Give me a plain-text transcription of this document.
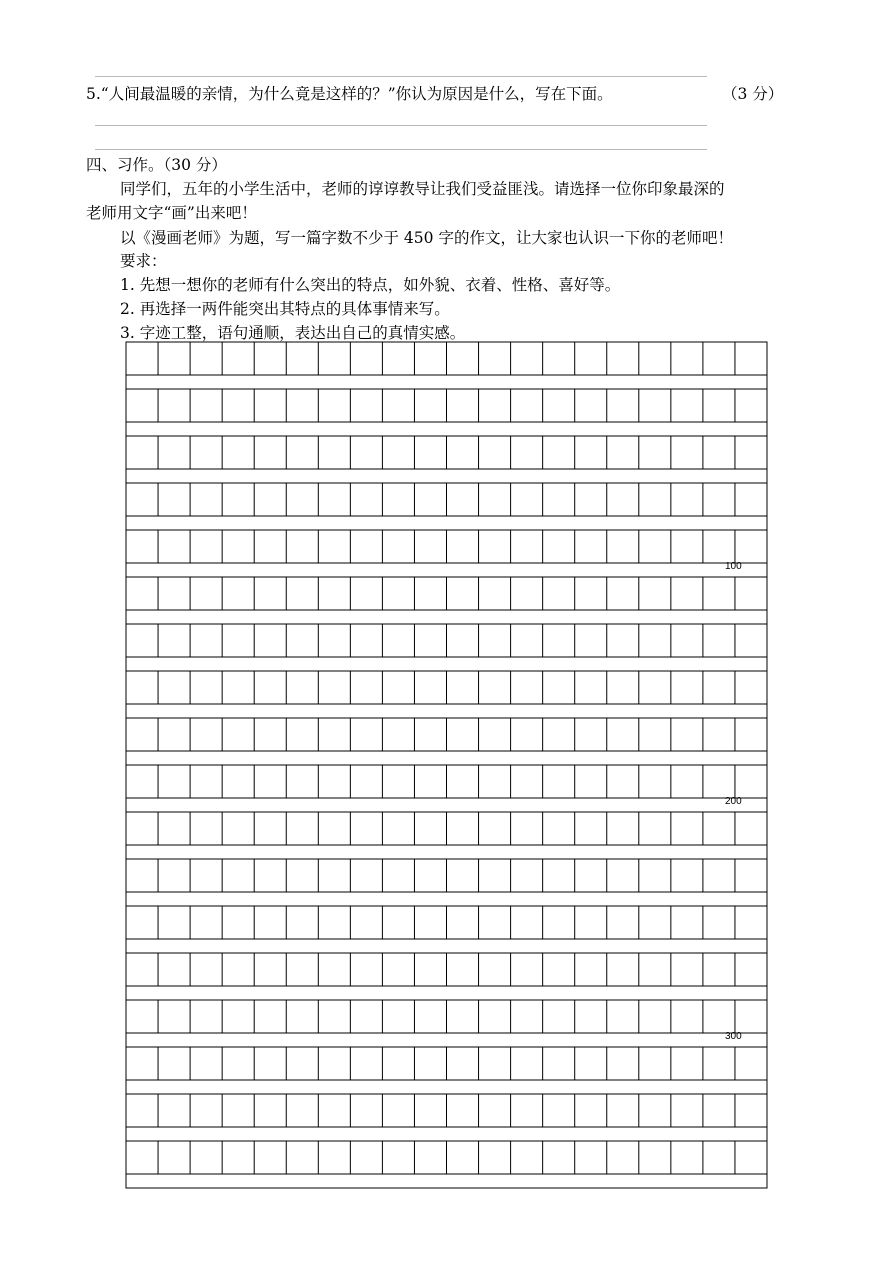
5.“人间最温暖的亲情，为什么竟是这样的？”你认为原因是什么，写在下面。	（3 分）
四、习作。（30 分）
同学们，五年的小学生活中，老师的谆谆教导让我们受益匪浅。请选择一位你印象最深的
老师用文字“画”出来吧！
以《漫画老师》为题，写一篇字数不少于 450 字的作文，让大家也认识一下你的老师吧！
要求：
1. 先想一想你的老师有什么突出的特点，如外貌、衣着、性格、喜好等。
2. 再选择一两件能突出其特点的具体事情来写。
3. 字迹工整，语句通顺，表达出自己的真情实感。
100
200
300
